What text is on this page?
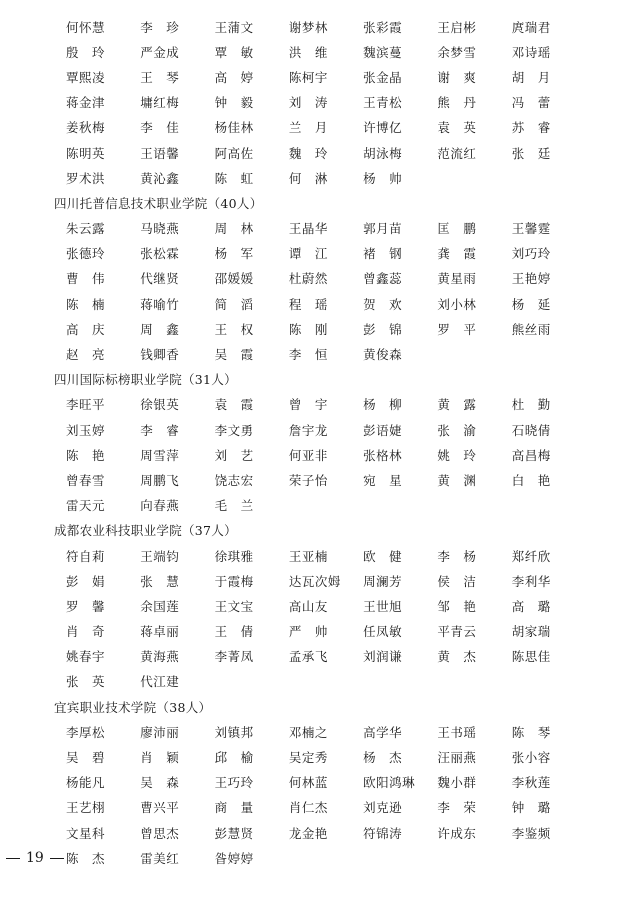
何怀慧	李　珍	王蒲文	谢梦林	张彩霞	王启彬	庹瑞君
殷　玲	严金成	覃　敏	洪　维	魏滨蔓	余梦雪	邓诗瑶
覃熙凌	王　琴	高　婷	陈柯宇	张金晶	谢　爽	胡　月
蒋金津	墉红梅	钟　毅	刘　涛	王青松	熊　丹	冯　蕾
姜秋梅	李　佳	杨佳林	兰　月	许博亿	袁　英	苏　睿
陈明英	王语馨	阿高佐	魏　玲	胡泳梅	范流红	张　廷
罗术洪	黄沁鑫	陈　虹	何　淋	杨　帅
四川托普信息技术职业学院（40人）
朱云露	马晓燕	周　林	王晶华	郭月苗	匡　鹏	王馨霆
张德玲	张松霖	杨　军	谭　江	褚　钢	龚　霞	刘巧玲
曹　伟	代继贤	邵媛媛	杜蔚然	曾鑫蕊	黄星雨	王艳婷
陈　楠	蒋喻竹	简　滔	程　瑶	贺　欢	刘小林	杨　延
高　庆	周　鑫	王　权	陈　刚	彭　锦	罗　平	熊丝雨
赵　亮	钱卿香	吴　霞	李　恒	黄俊森
四川国际标榜职业学院（31人）
李旺平	徐银英	袁　霞	曾　宇	杨　柳	黄　露	杜　勤
刘玉婷	李　睿	李文勇	詹宇龙	彭语婕	张　渝	石晓倩
陈　艳	周雪萍	刘　艺	何亚非	张格林	姚　玲	高昌梅
曾春雪	周鹏飞	饶志宏	荣子怡	宛　星	黄　渊	白　艳
雷天元	向春燕	毛　兰
成都农业科技职业学院（37人）
符自莉	王端钧	徐琪雅	王亚楠	欧　健	李　杨	郑纤欣
彭　娟	张　慧	于霞梅	达瓦次姆	周澜芳	侯　洁	李利华
罗　馨	余国莲	王文宝	高山友	王世旭	邹　艳	高　璐
肖　奇	蒋卓丽	王　倩	严　帅	任凤敏	平青云	胡家瑞
姚春宇	黄海燕	李菁凤	孟承飞	刘润谦	黄　杰	陈思佳
张　英	代江建
宜宾职业技术学院（38人）
李厚松	廖沛丽	刘镇邦	邓楠之	高学华	王书瑶	陈　琴
吴　碧	肖　颖	邱　榆	吴定秀	杨　杰	汪丽燕	张小容
杨能凡	吴　森	王巧玲	何林蓝	欧阳鸿琳	魏小群	李秋莲
王艺栩	曹兴平	商　量	肖仁杰	刘克逊	李　荣	钟　璐
文星科	曾思杰	彭慧贤	龙金艳	符锦涛	许成东	李鉴频
陈　杰	雷美红	昝婷婷
19
